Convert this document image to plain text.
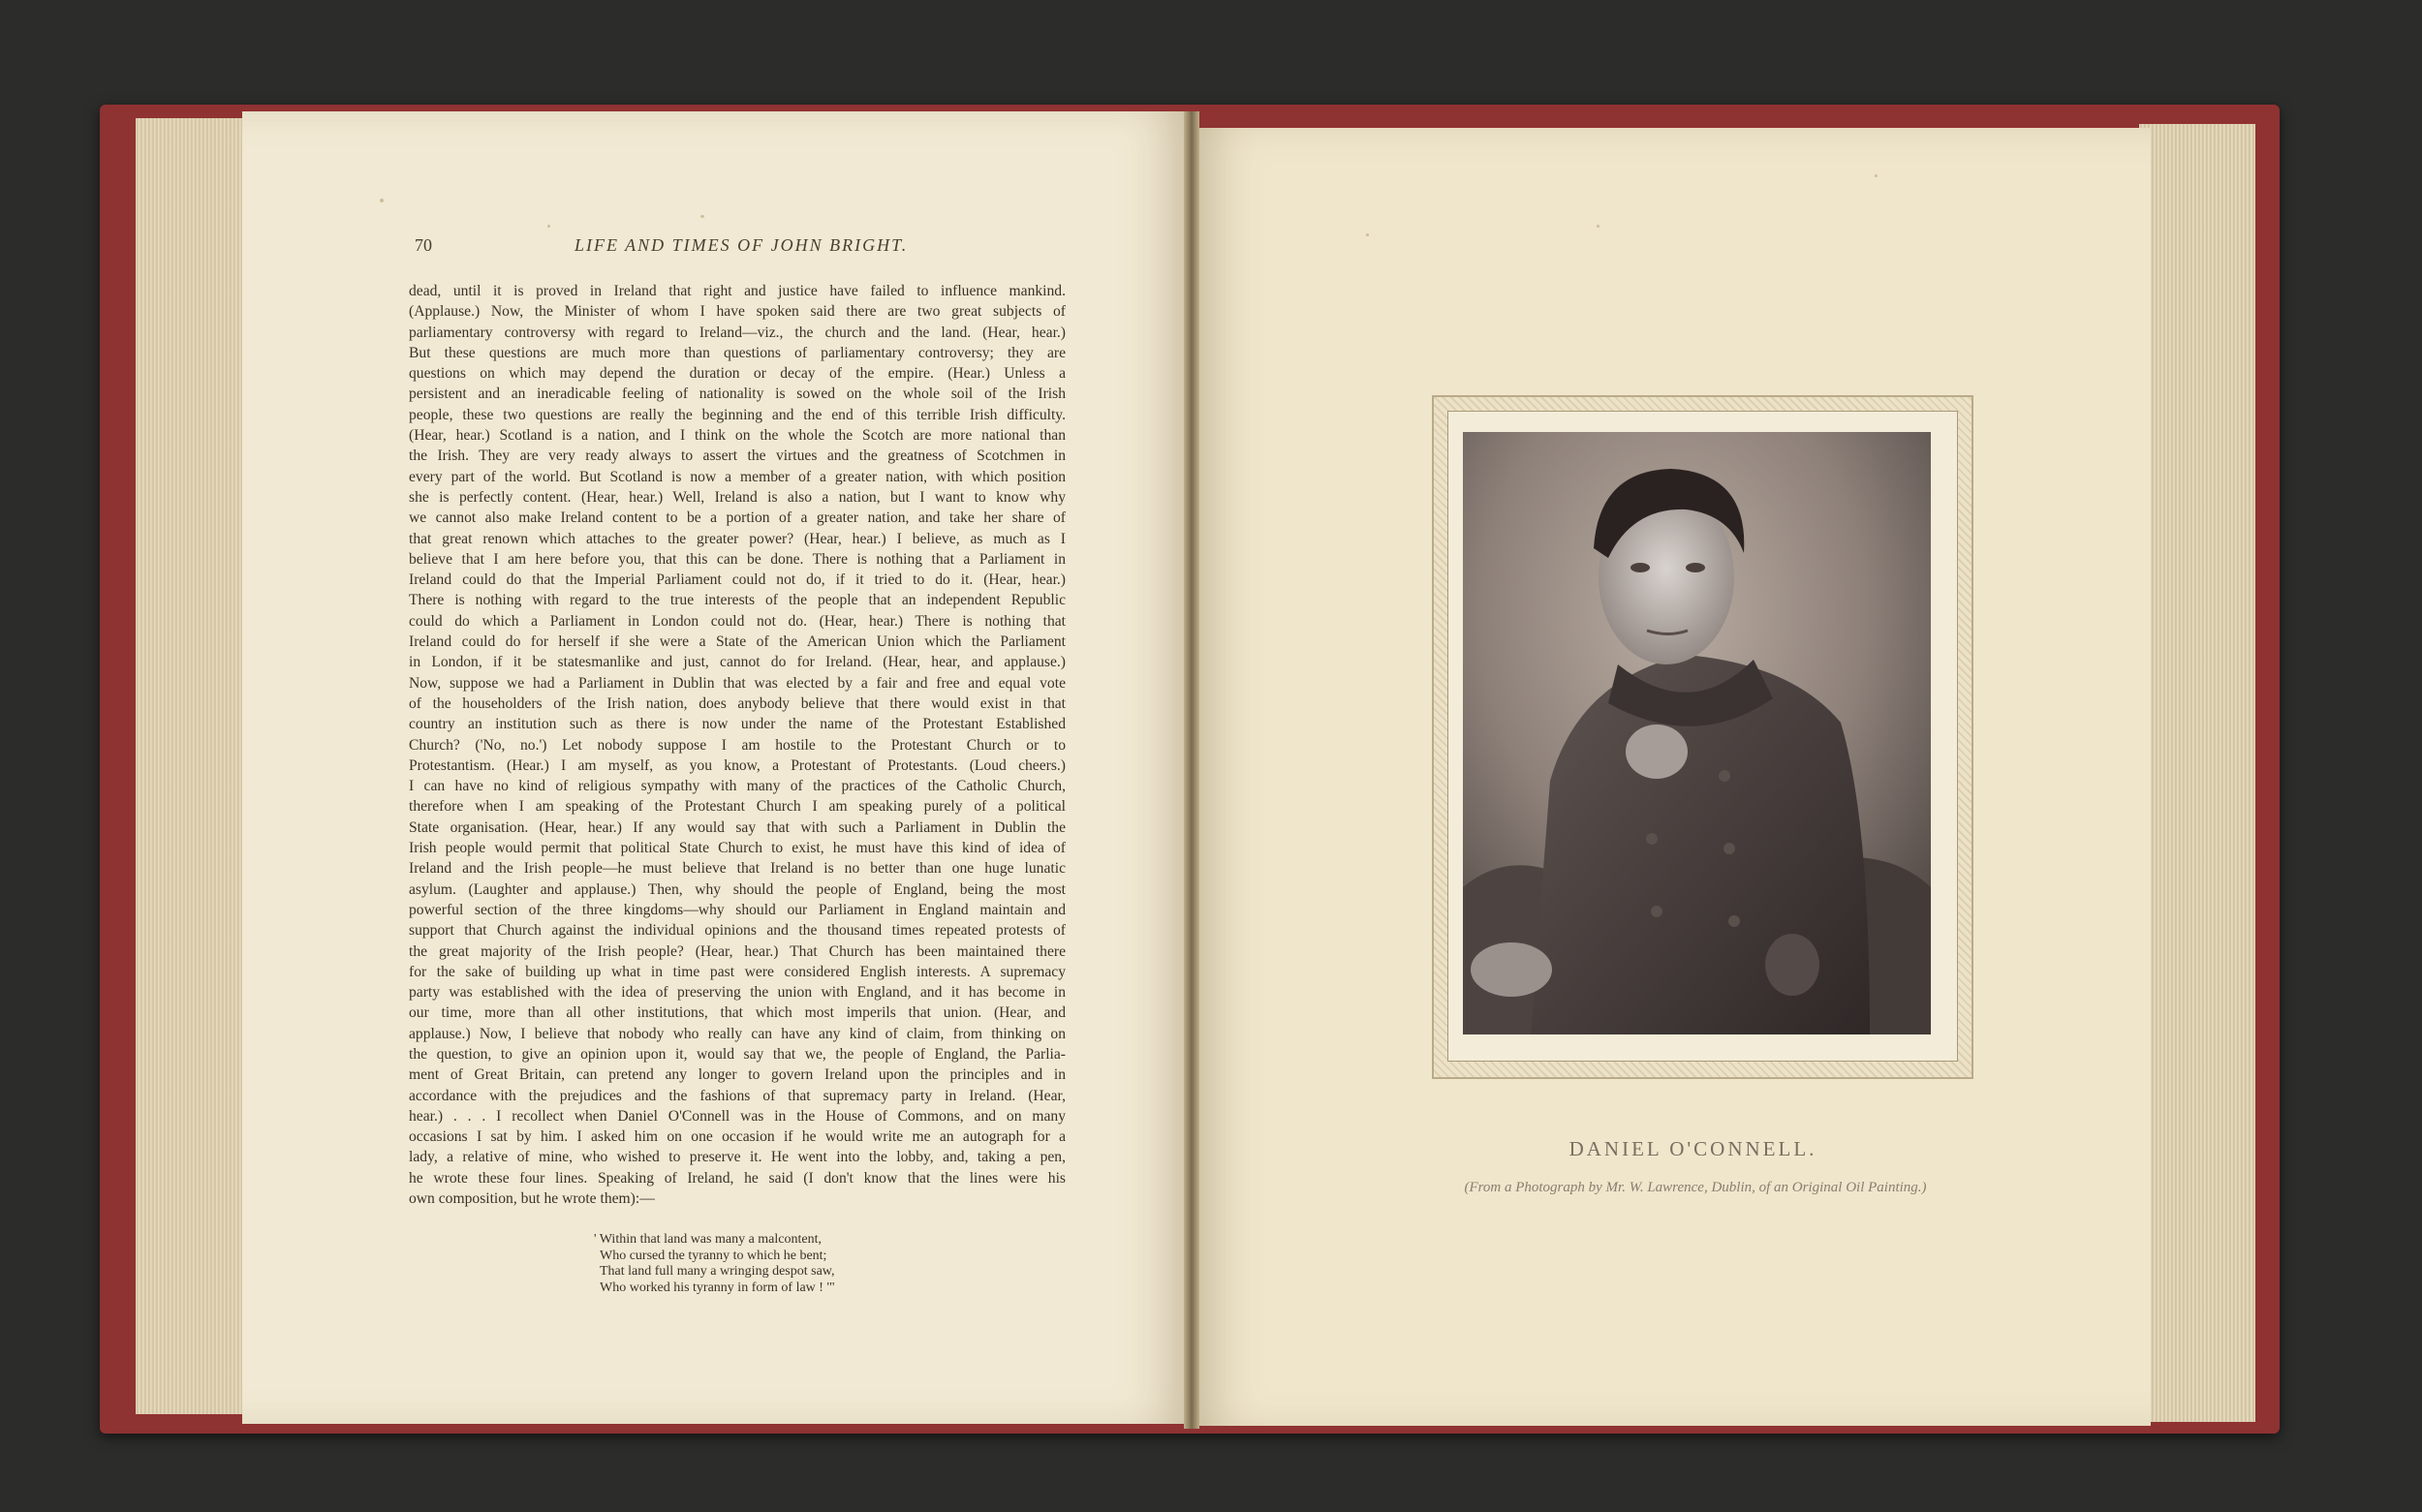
70	LIFE AND TIMES OF JOHN BRIGHT.

dead, until it is proved in Ireland that right and justice have failed to influence mankind.

(Applause.) Now, the Minister of whom I have spoken said there are two great subjects of

parliamentary controversy with regard to Ireland—viz., the church and the land. (Hear, hear.)

But these questions are much more than questions of parliamentary controversy; they are

questions on which may depend the duration or decay of the empire. (Hear.) Unless a

persistent and an ineradicable feeling of nationality is sowed on the whole soil of the Irish

people, these two questions are really the beginning and the end of this terrible Irish difficulty.

(Hear, hear.) Scotland is a nation, and I think on the whole the Scotch are more national than

the Irish. They are very ready always to assert the virtues and the greatness of Scotchmen in

every part of the world. But Scotland is now a member of a greater nation, with which position

she is perfectly content. (Hear, hear.) Well, Ireland is also a nation, but I want to know why

we cannot also make Ireland content to be a portion of a greater nation, and take her share of

that great renown which attaches to the greater power? (Hear, hear.) I believe, as much as I

believe that I am here before you, that this can be done. There is nothing that a Parliament in

Ireland could do that the Imperial Parliament could not do, if it tried to do it. (Hear, hear.)

There is nothing with regard to the true interests of the people that an independent Republic

could do which a Parliament in London could not do. (Hear, hear.) There is nothing that

Ireland could do for herself if she were a State of the American Union which the Parliament

in London, if it be statesmanlike and just, cannot do for Ireland. (Hear, hear, and applause.)

Now, suppose we had a Parliament in Dublin that was elected by a fair and free and equal vote

of the householders of the Irish nation, does anybody believe that there would exist in that

country an institution such as there is now under the name of the Protestant Established

Church? ('No, no.') Let nobody suppose I am hostile to the Protestant Church or to

Protestantism. (Hear.) I am myself, as you know, a Protestant of Protestants. (Loud cheers.)

I can have no kind of religious sympathy with many of the practices of the Catholic Church,

therefore when I am speaking of the Protestant Church I am speaking purely of a political

State organisation. (Hear, hear.) If any would say that with such a Parliament in Dublin the

Irish people would permit that political State Church to exist, he must have this kind of idea of

Ireland and the Irish people—he must believe that Ireland is no better than one huge lunatic

asylum. (Laughter and applause.) Then, why should the people of England, being the most

powerful section of the three kingdoms—why should our Parliament in England maintain and

support that Church against the individual opinions and the thousand times repeated protests of

the great majority of the Irish people? (Hear, hear.) That Church has been maintained there

for the sake of building up what in time past were considered English interests. A supremacy

party was established with the idea of preserving the union with England, and it has become in

our time, more than all other institutions, that which most imperils that union. (Hear, and

applause.) Now, I believe that nobody who really can have any kind of claim, from thinking on

the question, to give an opinion upon it, would say that we, the people of England, the Parlia-

ment of Great Britain, can pretend any longer to govern Ireland upon the principles and in

accordance with the prejudices and the fashions of that supremacy party in Ireland. (Hear,

hear.) . . . I recollect when Daniel O'Connell was in the House of Commons, and on many

occasions I sat by him. I asked him on one occasion if he would write me an autograph for a

lady, a relative of mine, who wished to preserve it. He went into the lobby, and, taking a pen,

he wrote these four lines. Speaking of Ireland, he said (I don't know that the lines were his

own composition, but he wrote them):—

' Within that land was many a malcontent,
Who cursed the tyranny to which he bent;
That land full many a wringing despot saw,
Who worked his tyranny in form of law ! '"
DANIEL O'CONNELL.
(From a Photograph by Mr. W. Lawrence, Dublin, of an Original Oil Painting.)
